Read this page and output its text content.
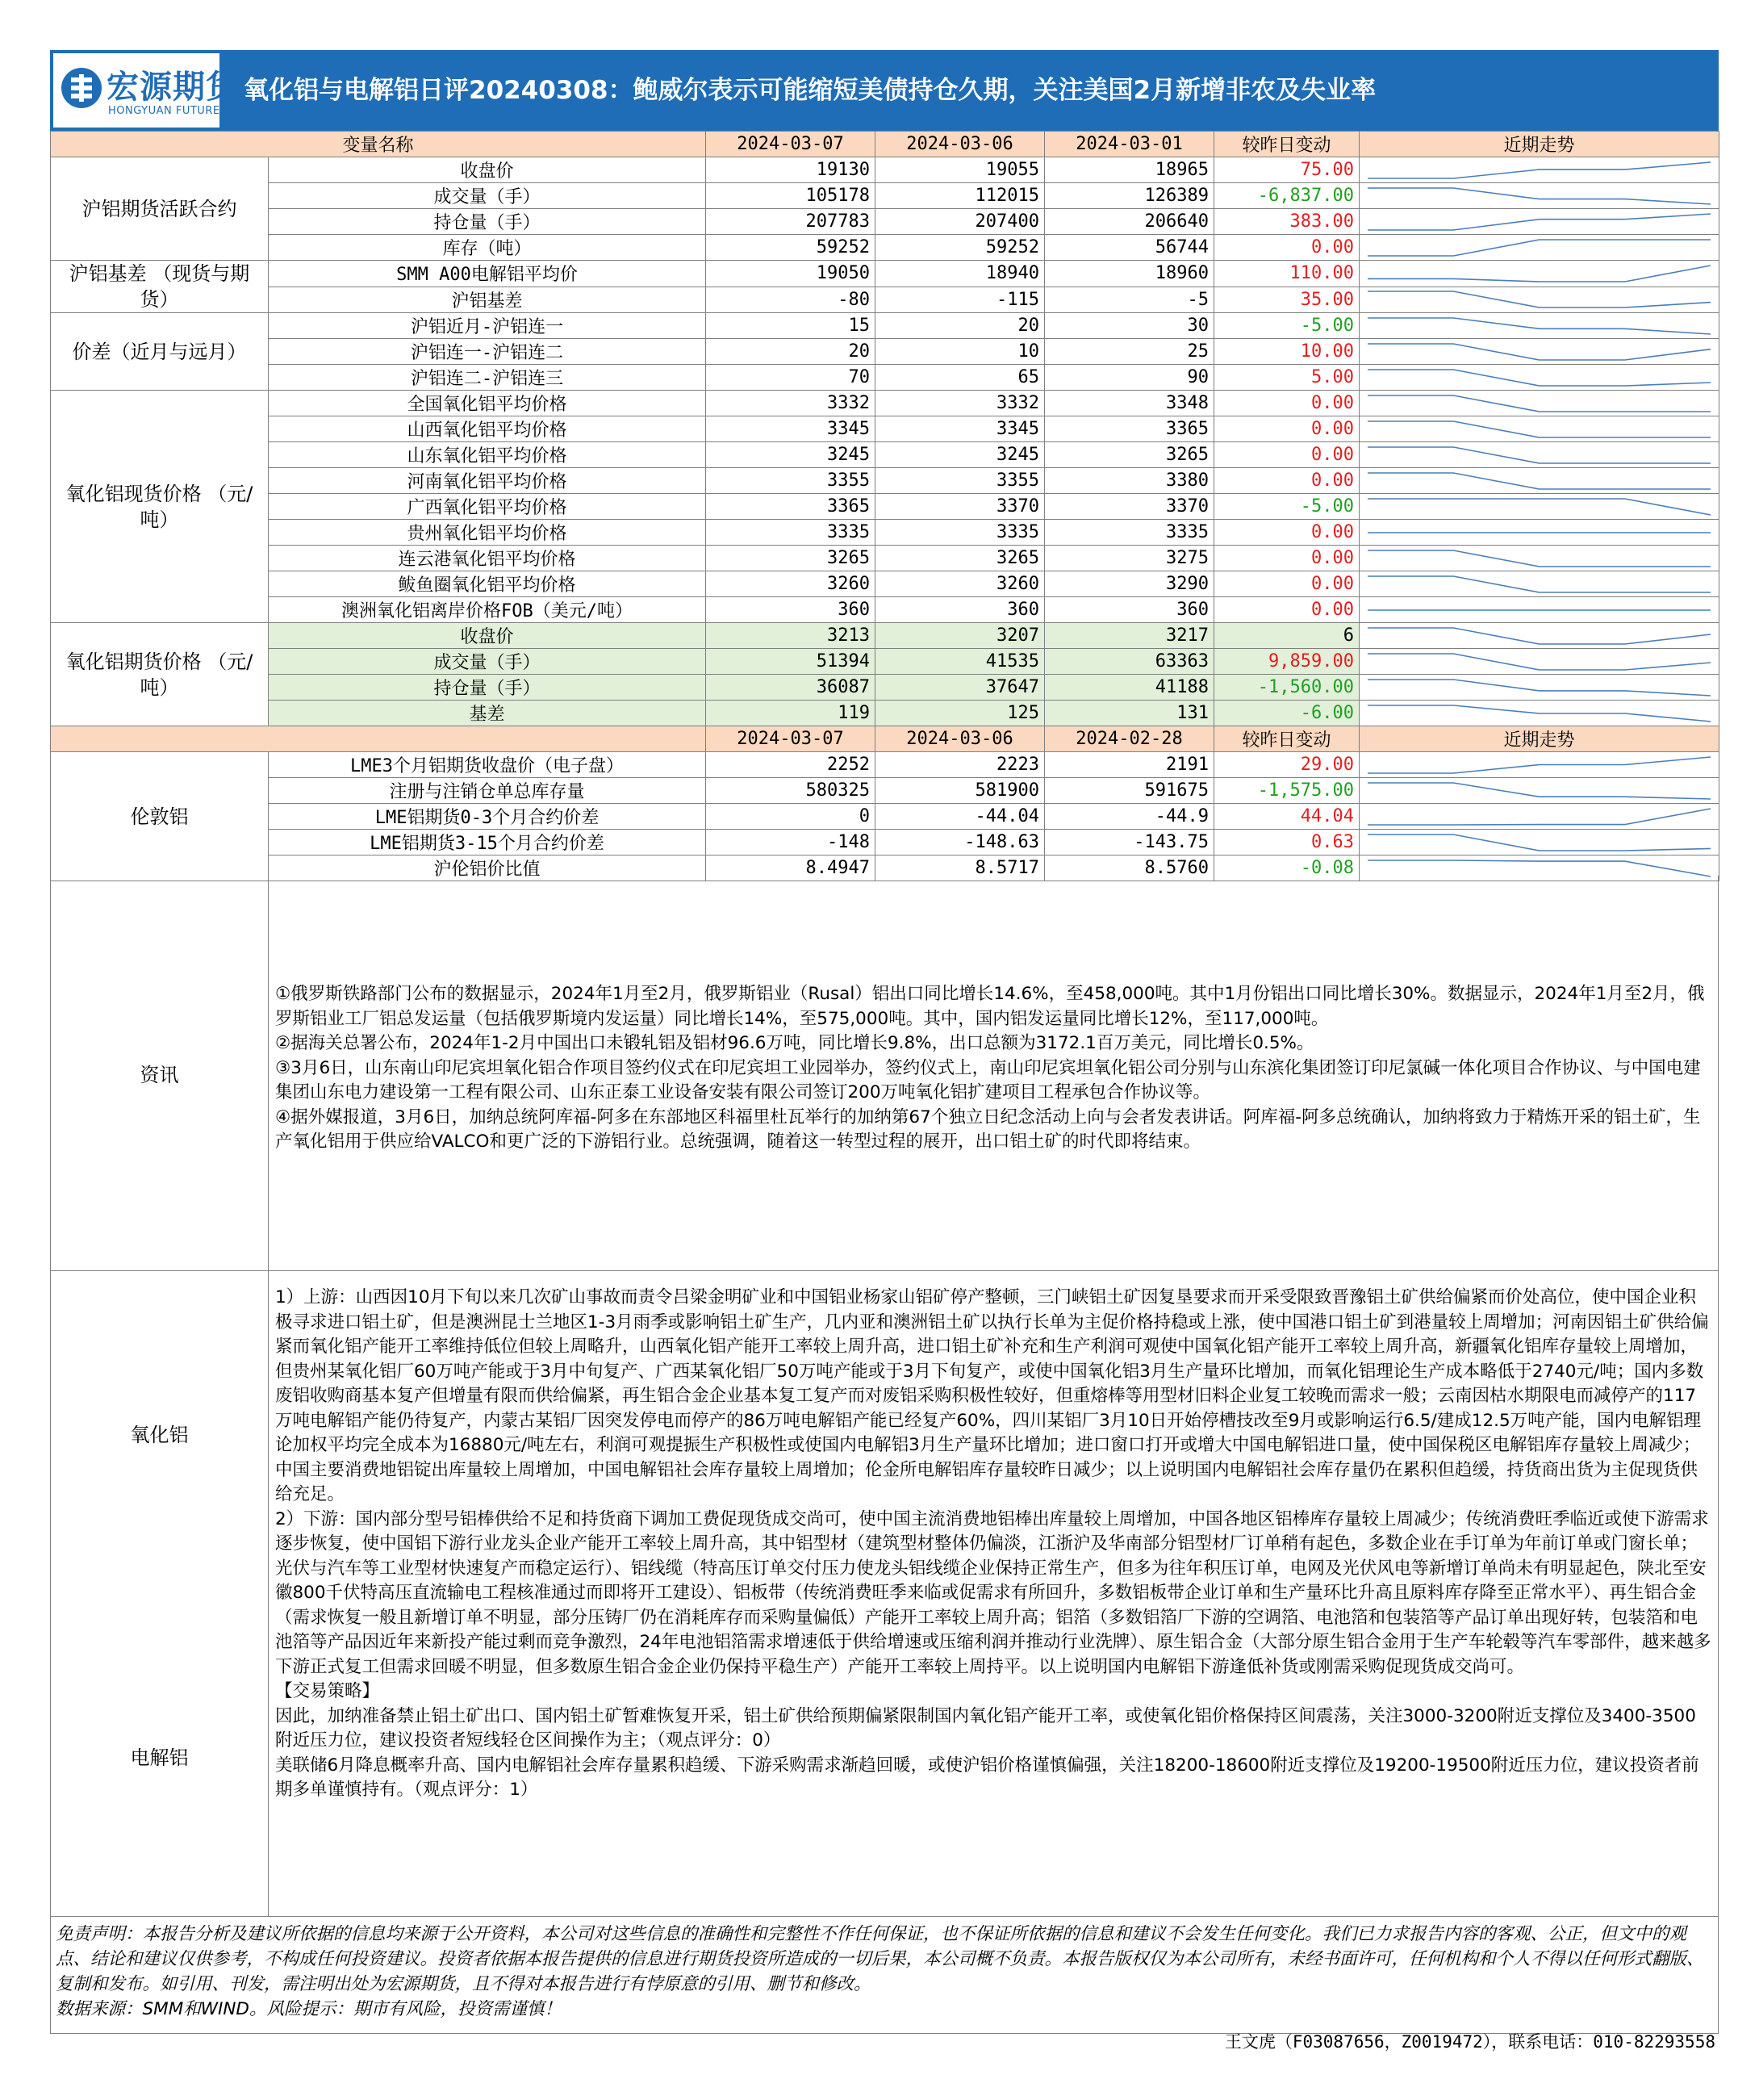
宏源期货
HONGYUAN FUTURES
氧化铝与电解铝日评20240308：鲍威尔表示可能缩短美债持仓久期，关注美国2月新增非农及失业率
变量名称		2024-03-07	2024-03-06	2024-03-01	较昨日变动	近期走势
沪铝期货活跃合约	收盘价	19130	19055	18965	75.00	

	成交量（手）	105178	112015	126389	-6,837.00	

	持仓量（手）	207783	207400	206640	383.00	

	库存（吨）	59252	59252	56744	0.00	

沪铝基差 （现货与期货）	SMM A00电解铝平均价	19050	18940	18960	110.00	

	沪铝基差	-80	-115	-5	35.00	

价差（近月与远月）	沪铝近月-沪铝连一	15	20	30	-5.00	

	沪铝连一-沪铝连二	20	10	25	10.00	

	沪铝连二-沪铝连三	70	65	90	5.00	

氧化铝现货价格 （元/吨）	全国氧化铝平均价格	3332	3332	3348	0.00	

	山西氧化铝平均价格	3345	3345	3365	0.00	

	山东氧化铝平均价格	3245	3245	3265	0.00	

	河南氧化铝平均价格	3355	3355	3380	0.00	

	广西氧化铝平均价格	3365	3370	3370	-5.00	

	贵州氧化铝平均价格	3335	3335	3335	0.00	

	连云港氧化铝平均价格	3265	3265	3275	0.00	

	鲅鱼圈氧化铝平均价格	3260	3260	3290	0.00	

	澳洲氧化铝离岸价格FOB（美元/吨）	360	360	360	0.00	

氧化铝期货价格 （元/吨）	收盘价	3213	3207	3217	6	

	成交量（手）	51394	41535	63363	9,859.00	

	持仓量（手）	36087	37647	41188	-1,560.00	

	基差	119	125	131	-6.00	

		2024-03-07	2024-03-06	2024-02-28	较昨日变动	近期走势
伦敦铝	LME3个月铝期货收盘价（电子盘）	2252	2223	2191	29.00	

	注册与注销仓单总库存量	580325	581900	591675	-1,575.00	

	LME铝期货0-3个月合约价差	0	-44.04	-44.9	44.04	

	LME铝期货3-15个月合约价差	-148	-148.63	-143.75	0.63	

	沪伦铝价比值	8.4947	8.5717	8.5760	-0.08	
资讯
①俄罗斯铁路部门公布的数据显示，2024年1月至2月，俄罗斯铝业（Rusal）铝出口同比增长14.6%，至458,000吨。其中1月份铝出口同比增长30%。数据显示，2024年1月至2月，俄罗斯铝业工厂铝总发运量（包括俄罗斯境内发运量）同比增长14%，至575,000吨。其中，国内铝发运量同比增长12%，至117,000吨。
②据海关总署公布，2024年1-2月中国出口未锻轧铝及铝材96.6万吨，同比增长9.8%，出口总额为3172.1百万美元，同比增长0.5%。
③3月6日，山东南山印尼宾坦氧化铝合作项目签约仪式在印尼宾坦工业园举办，签约仪式上，南山印尼宾坦氧化铝公司分别与山东滨化集团签订印尼氯碱一体化项目合作协议、与中国电建集团山东电力建设第一工程有限公司、山东正泰工业设备安装有限公司签订200万吨氧化铝扩建项目工程承包合作协议等。
④据外媒报道，3月6日，加纳总统阿库福-阿多在东部地区科福里杜瓦举行的加纳第67个独立日纪念活动上向与会者发表讲话。阿库福-阿多总统确认，加纳将致力于精炼开采的铝土矿，生产氧化铝用于供应给VALCO和更广泛的下游铝行业。总统强调，随着这一转型过程的展开，出口铝土矿的时代即将结束。
氧化铝
电解铝
1）上游：山西因10月下旬以来几次矿山事故而责令吕梁金明矿业和中国铝业杨家山铝矿停产整顿，三门峡铝土矿因复垦要求而开采受限致晋豫铝土矿供给偏紧而价处高位，使中国企业积极寻求进口铝土矿，但是澳洲昆士兰地区1-3月雨季或影响铝土矿生产，几内亚和澳洲铝土矿以执行长单为主促价格持稳或上涨，使中国港口铝土矿到港量较上周增加；河南因铝土矿供给偏紧而氧化铝产能开工率维持低位但较上周略升，山西氧化铝产能开工率较上周升高，进口铝土矿补充和生产利润可观使中国氧化铝产能开工率较上周升高，新疆氧化铝库存量较上周增加，但贵州某氧化铝厂60万吨产能或于3月中旬复产、广西某氧化铝厂50万吨产能或于3月下旬复产，或使中国氧化铝3月生产量环比增加，而氧化铝理论生产成本略低于2740元/吨；国内多数废铝收购商基本复产但增量有限而供给偏紧，再生铝合金企业基本复工复产而对废铝采购积极性较好，但重熔棒等用型材旧料企业复工较晚而需求一般；云南因枯水期限电而减停产的117万吨电解铝产能仍待复产，内蒙古某铝厂因突发停电而停产的86万吨电解铝产能已经复产60%，四川某铝厂3月10日开始停槽技改至9月或影响运行6.5/建成12.5万吨产能，国内电解铝理论加权平均完全成本为16880元/吨左右，利润可观提振生产积极性或使国内电解铝3月生产量环比增加；进口窗口打开或增大中国电解铝进口量，使中国保税区电解铝库存量较上周减少；中国主要消费地铝锭出库量较上周增加，中国电解铝社会库存量较上周增加；伦金所电解铝库存量较昨日减少；以上说明国内电解铝社会库存量仍在累积但趋缓，持货商出货为主促现货供给充足。
2）下游：国内部分型号铝棒供给不足和持货商下调加工费促现货成交尚可，使中国主流消费地铝棒出库量较上周增加，中国各地区铝棒库存量较上周减少；传统消费旺季临近或使下游需求逐步恢复，使中国铝下游行业龙头企业产能开工率较上周升高，其中铝型材（建筑型材整体仍偏淡，江浙沪及华南部分铝型材厂订单稍有起色，多数企业在手订单为年前订单或门窗长单；光伏与汽车等工业型材快速复产而稳定运行）、铝线缆（特高压订单交付压力使龙头铝线缆企业保持正常生产，但多为往年积压订单，电网及光伏风电等新增订单尚未有明显起色，陕北至安徽800千伏特高压直流输电工程核准通过而即将开工建设）、铝板带（传统消费旺季来临或促需求有所回升，多数铝板带企业订单和生产量环比升高且原料库存降至正常水平）、再生铝合金（需求恢复一般且新增订单不明显，部分压铸厂仍在消耗库存而采购量偏低）产能开工率较上周升高；铝箔（多数铝箔厂下游的空调箔、电池箔和包装箔等产品订单出现好转，包装箔和电池箔等产品因近年来新投产能过剩而竞争激烈，24年电池铝箔需求增速低于供给增速或压缩利润并推动行业洗牌）、原生铝合金（大部分原生铝合金用于生产车轮毂等汽车零部件，越来越多下游正式复工但需求回暖不明显，但多数原生铝合金企业仍保持平稳生产）产能开工率较上周持平。以上说明国内电解铝下游逢低补货或刚需采购促现货成交尚可。
【交易策略】
因此，加纳准备禁止铝土矿出口、国内铝土矿暂难恢复开采，铝土矿供给预期偏紧限制国内氧化铝产能开工率，或使氧化铝价格保持区间震荡，关注3000-3200附近支撑位及3400-3500附近压力位，建议投资者短线轻仓区间操作为主；（观点评分：0）
美联储6月降息概率升高、国内电解铝社会库存量累积趋缓、下游采购需求渐趋回暖，或使沪铝价格谨慎偏强，关注18200-18600附近支撑位及19200-19500附近压力位，建议投资者前期多单谨慎持有。（观点评分：1）
免责声明：本报告分析及建议所依据的信息均来源于公开资料，本公司对这些信息的准确性和完整性不作任何保证，也不保证所依据的信息和建议不会发生任何变化。我们已力求报告内容的客观、公正，但文中的观点、结论和建议仅供参考，不构成任何投资建议。投资者依据本报告提供的信息进行期货投资所造成的一切后果，本公司概不负责。本报告版权仅为本公司所有，未经书面许可，任何机构和个人不得以任何形式翻版、复制和发布。如引用、刊发，需注明出处为宏源期货，且不得对本报告进行有悖原意的引用、删节和修改。
数据来源：SMM和WIND。风险提示：期市有风险，投资需谨慎！
王文虎（F03087656，Z0019472），联系电话：010-82293558
